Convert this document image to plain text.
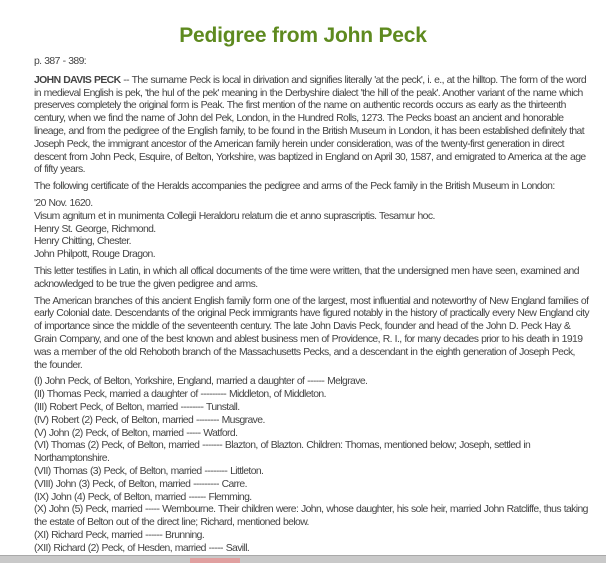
Pedigree from John Peck

p. 387 - 389:

JOHN DAVIS PECK -- The surname Peck is local in dirivation and signifies literally 'at the peck', i. e., at the hilltop. The form of the word in medieval English is pek, 'the hul of the pek' meaning in the Derbyshire dialect 'the hill of the peak'. Another variant of the name which preserves completely the original form is Peak. The first mention of the name on authentic records occurs as early as the thirteenth century, when we find the name of John del Pek, London, in the Hundred Rolls, 1273. The Pecks boast an ancient and honorable lineage, and from the pedigree of the English family, to be found in the British Museum in London, it has been established definitely that Joseph Peck, the immigrant ancestor of the American family herein under consideration, was of the twenty-first generation in direct descent from John Peck, Esquire, of Belton, Yorkshire, was baptized in England on April 30, 1587, and emigrated to America at the age of fifty years.

The following certificate of the Heralds accompanies the pedigree and arms of the Peck family in the British Museum in London:

'20 Nov. 1620.
Visum agnitum et in munimenta Collegii Heraldoru relatum die et anno suprascriptis. Tesamur hoc.
Henry St. George, Richmond.
Henry Chitting, Chester.
John Philpott, Rouge Dragon.

This letter testifies in Latin, in which all offical documents of the time were written, that the undersigned men have seen, examined and acknowledged to be true the given pedigree and arms.

The American branches of this ancient English family form one of the largest, most influential and noteworthy of New England families of early Colonial date. Descendants of the original Peck immigrants have figured notably in the history of practically every New England city of importance since the middle of the seventeenth century. The late John Davis Peck, founder and head of the John D. Peck Hay & Grain Company, and one of the best known and ablest business men of Providence, R. I., for many decades prior to his death in 1919 was a member of the old Rehoboth branch of the Massachusetts Pecks, and a descendant in the eighth generation of Joseph Peck, the founder.

(I) John Peck, of Belton, Yorkshire, England, married a daughter of ------ Melgrave.
(II) Thomas Peck, married a daughter of --------- Middleton, of Middleton.
(III) Robert Peck, of Belton, married -------- Tunstall.
(IV) Robert (2) Peck, of Belton, married -------- Musgrave.
(V) John (2) Peck, of Belton, married ----- Watford.
(VI) Thomas (2) Peck, of Belton, married ------- Blazton, of Blazton. Children: Thomas, mentioned below; Joseph, settled in Northamptonshire.
(VII) Thomas (3) Peck, of Belton, married -------- Littleton.
(VIII) John (3) Peck, of Belton, married --------- Carre.
(IX) John (4) Peck, of Belton, married ------ Flemming.
(X) John (5) Peck, married ----- Wembourne. Their children were: John, whose daughter, his sole heir, married John Ratcliffe, thus taking the estate of Belton out of the direct line; Richard, mentioned below.
(XI) Richard Peck, married ------ Brunning.
(XII) Richard (2) Peck, of Hesden, married ----- Savill.
